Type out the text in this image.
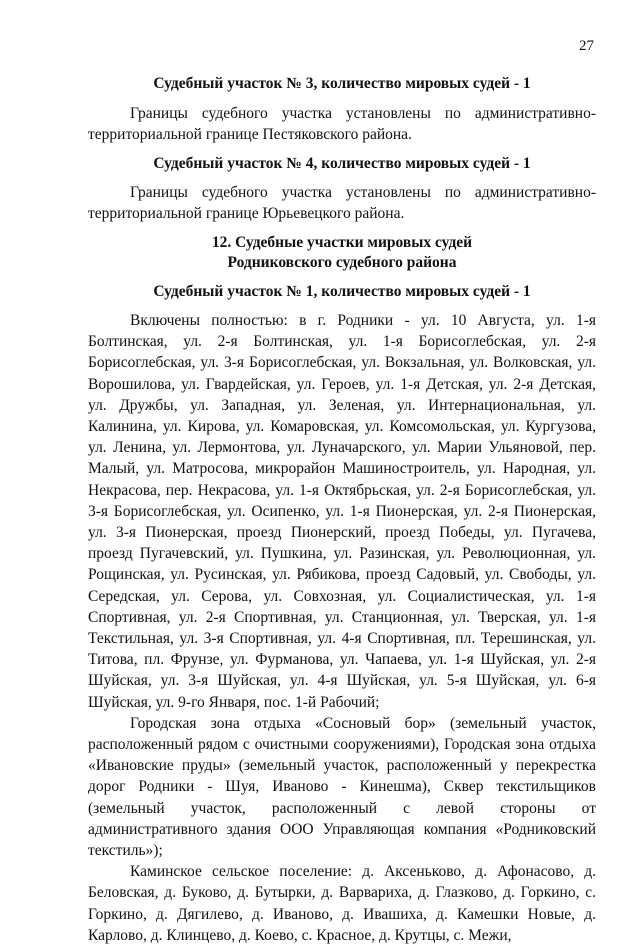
27
Судебный участок № 3, количество мировых судей - 1

Границы судебного участка установлены по административно-территориальной границе Пестяковского района.

Судебный участок № 4, количество мировых судей - 1

Границы судебного участка установлены по административно-территориальной границе Юрьевецкого района.

12. Судебные участки мировых судей
Родниковского судебного района
Судебный участок № 1, количество мировых судей - 1

Включены полностью: в г. Родники - ул. 10 Августа, ул. 1-я Болтинская, ул. 2-я Болтинская, ул. 1-я Борисоглебская, ул. 2-я Борисоглебская, ул. 3-я Борисоглебская, ул. Вокзальная, ул. Волковская, ул. Ворошилова, ул. Гвардейская, ул. Героев, ул. 1-я Детская, ул. 2-я Детская, ул. Дружбы, ул. Западная, ул. Зеленая, ул. Интернациональная, ул. Калинина, ул. Кирова, ул. Комаровская, ул. Комсомольская, ул. Кургузова, ул. Ленина, ул. Лермонтова, ул. Луначарского, ул. Марии Ульяновой, пер. Малый, ул. Матросова, микрорайон Машиностроитель, ул. Народная, ул. Некрасова, пер. Некрасова, ул. 1-я Октябрьская, ул. 2-я Борисоглебская, ул. 3-я Борисоглебская, ул. Осипенко, ул. 1-я Пионерская, ул. 2-я Пионерская, ул. 3-я Пионерская, проезд Пионерский, проезд Победы, ул. Пугачева, проезд Пугачевский, ул. Пушкина, ул. Разинская, ул. Революционная, ул. Рощинская, ул. Русинская, ул. Рябикова, проезд Садовый, ул. Свободы, ул. Середская, ул. Серова, ул. Совхозная, ул. Социалистическая, ул. 1-я Спортивная, ул. 2-я Спортивная, ул. Станционная, ул. Тверская, ул. 1-я Текстильная, ул. 3-я Спортивная, ул. 4-я Спортивная, пл. Терешинская, ул. Титова, пл. Фрунзе, ул. Фурманова, ул. Чапаева, ул. 1-я Шуйская, ул. 2-я Шуйская, ул. 3-я Шуйская, ул. 4-я Шуйская, ул. 5-я Шуйская, ул. 6-я Шуйская, ул. 9-го Января, пос. 1-й Рабочий;

Городская зона отдыха «Сосновый бор» (земельный участок, расположенный рядом с очистными сооружениями), Городская зона отдыха «Ивановские пруды» (земельный участок, расположенный у перекрестка дорог Родники - Шуя, Иваново - Кинешма), Сквер текстильщиков (земельный участок, расположенный с левой стороны от административного здания ООО Управляющая компания «Родниковский текстиль»);

Каминское сельское поселение: д. Аксеньково, д. Афонасово, д. Беловская, д. Буково, д. Бутырки, д. Варвариха, д. Глазково, д. Горкино, с. Горкино, д. Дягилево, д. Иваново, д. Ивашиха, д. Камешки Новые, д. Карлово, д. Клинцево, д. Коево, с. Красное, д. Крутцы, с. Межи,
